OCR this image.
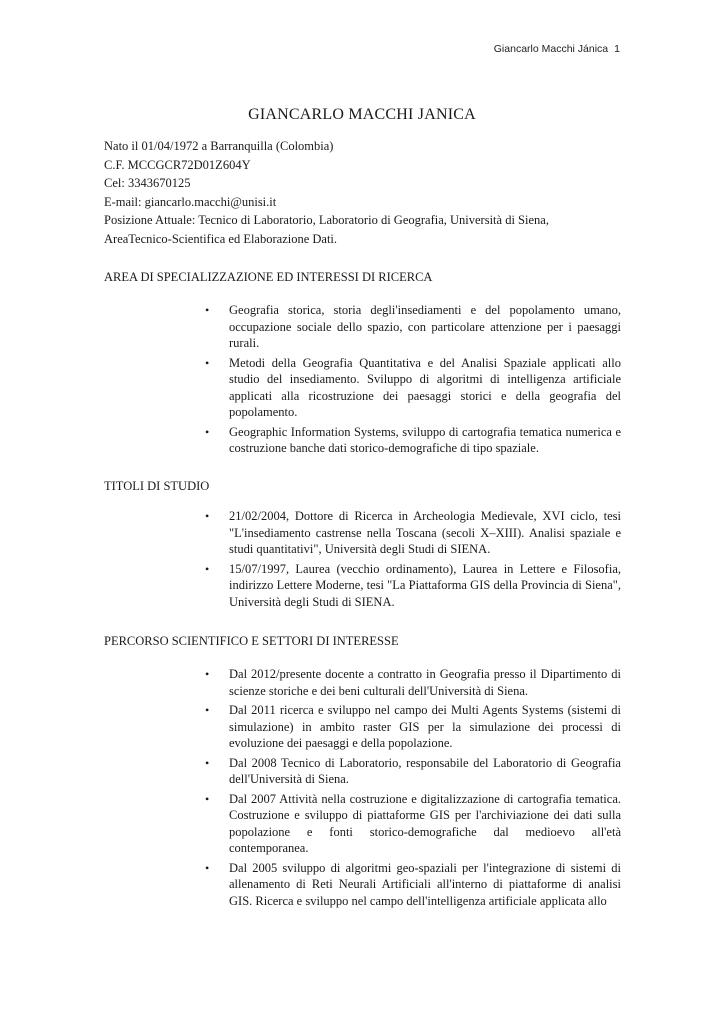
Giancarlo Macchi Jánica 1
GIANCARLO MACCHI JANICA
Nato il 01/04/1972 a Barranquilla (Colombia)
C.F. MCCGCR72D01Z604Y
Cel: 3343670125
E-mail: giancarlo.macchi@unisi.it
Posizione Attuale: Tecnico di Laboratorio, Laboratorio di Geografia, Università di Siena,
AreaTecnico-Scientifica ed Elaborazione Dati.
AREA DI SPECIALIZZAZIONE ED INTERESSI DI RICERCA
• Geografia storica, storia degli'insediamenti e del popolamento umano, occupazione sociale dello spazio, con particolare attenzione per i paesaggi rurali.
• Metodi della Geografia Quantitativa e del Analisi Spaziale applicati allo studio del insediamento. Sviluppo di algoritmi di intelligenza artificiale applicati alla ricostruzione dei paesaggi storici e della geografia del popolamento.
• Geographic Information Systems, sviluppo di cartografia tematica numerica e costruzione banche dati storico-demografiche di tipo spaziale.
TITOLI DI STUDIO
• 21/02/2004, Dottore di Ricerca in Archeologia Medievale, XVI ciclo, tesi "L'insediamento castrense nella Toscana (secoli X–XIII). Analisi spaziale e studi quantitativi", Università degli Studi di SIENA.
• 15/07/1997, Laurea (vecchio ordinamento), Laurea in Lettere e Filosofia, indirizzo Lettere Moderne, tesi "La Piattaforma GIS della Provincia di Siena", Università degli Studi di SIENA.
PERCORSO SCIENTIFICO E SETTORI DI INTERESSE
• Dal 2012/presente docente a contratto in Geografia presso il Dipartimento di scienze storiche e dei beni culturali dell'Università di Siena.
• Dal 2011 ricerca e sviluppo nel campo dei Multi Agents Systems (sistemi di simulazione) in ambito raster GIS per la simulazione dei processi di evoluzione dei paesaggi e della popolazione.
• Dal 2008 Tecnico di Laboratorio, responsabile del Laboratorio di Geografia dell'Università di Siena.
• Dal 2007 Attività nella costruzione e digitalizzazione di cartografia tematica. Costruzione e sviluppo di piattaforme GIS per l'archiviazione dei dati sulla popolazione e fonti storico-demografiche dal medioevo all'età contemporanea.
• Dal 2005 sviluppo di algoritmi geo-spaziali per l'integrazione di sistemi di allenamento di Reti Neurali Artificiali all'interno di piattaforme di analisi GIS. Ricerca e sviluppo nel campo dell'intelligenza artificiale applicata allo
